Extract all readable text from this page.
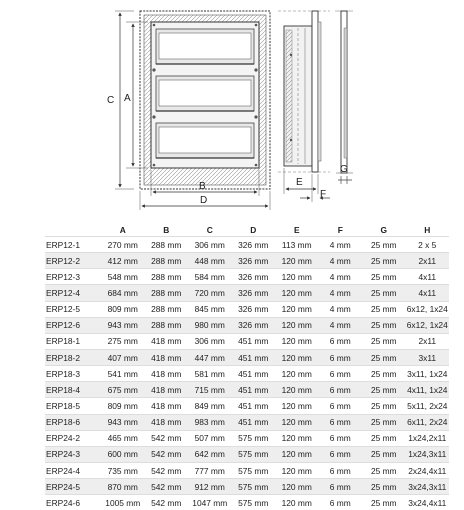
C A
B
D
E
F
G
	A	B	C	D	E	F	G	H
ERP12-1	270 mm	288 mm	306 mm	326 mm	113 mm	4 mm	25 mm	2 x 5
ERP12-2	412 mm	288 mm	448 mm	326 mm	120 mm	4 mm	25 mm	2x11
ERP12-3	548 mm	288 mm	584 mm	326 mm	120 mm	4 mm	25 mm	4x11
ERP12-4	684 mm	288 mm	720 mm	326 mm	120 mm	4 mm	25 mm	4x11
ERP12-5	809 mm	288 mm	845 mm	326 mm	120 mm	4 mm	25 mm	6x12, 1x24
ERP12-6	943 mm	288 mm	980 mm	326 mm	120 mm	4 mm	25 mm	6x12, 1x24
ERP18-1	275 mm	418 mm	306 mm	451 mm	120 mm	6 mm	25 mm	2x11
ERP18-2	407 mm	418 mm	447 mm	451 mm	120 mm	6 mm	25 mm	3x11
ERP18-3	541 mm	418 mm	581 mm	451 mm	120 mm	6 mm	25 mm	3x11, 1x24
ERP18-4	675 mm	418 mm	715 mm	451 mm	120 mm	6 mm	25 mm	4x11, 1x24
ERP18-5	809 mm	418 mm	849 mm	451 mm	120 mm	6 mm	25 mm	5x11, 2x24
ERP18-6	943 mm	418 mm	983 mm	451 mm	120 mm	6 mm	25 mm	6x11, 2x24
ERP24-2	465 mm	542 mm	507 mm	575 mm	120 mm	6 mm	25 mm	1x24,2x11
ERP24-3	600 mm	542 mm	642 mm	575 mm	120 mm	6 mm	25 mm	1x24,3x11
ERP24-4	735 mm	542 mm	777 mm	575 mm	120 mm	6 mm	25 mm	2x24,4x11
ERP24-5	870 mm	542 mm	912 mm	575 mm	120 mm	6 mm	25 mm	3x24,3x11
ERP24-6	1005 mm	542 mm	1047 mm	575 mm	120 mm	6 mm	25 mm	3x24,4x11
